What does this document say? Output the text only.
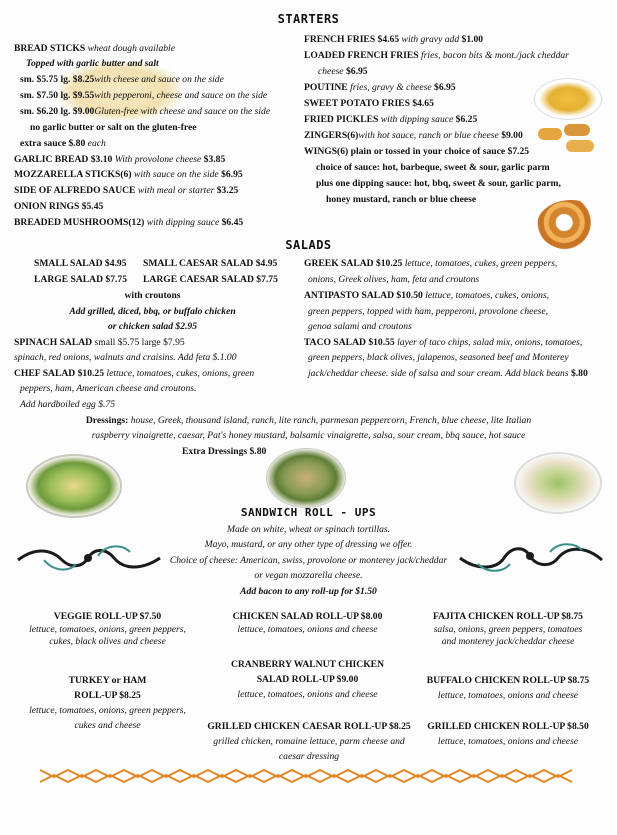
STARTERS
BREAD STICKS wheat dough available
Topped with garlic butter and salt
sm. $5.75 lg. $8.25with cheese and sauce on the side
sm. $7.50 lg. $9.55with pepperoni, cheese and sauce on the side
sm. $6.20 lg. $9.00Gluten-free with cheese and sauce on the side
no garlic butter or salt on the gluten-free
extra sauce $.80 each
GARLIC BREAD $3.10 With provolone cheese $3.85
MOZZARELLA STICKS(6) with sauce on the side $6.95
SIDE OF ALFREDO SAUCE with meal or starter $3.25
ONION RINGS $5.45
BREADED MUSHROOMS(12) with dipping sauce $6.45
FRENCH FRIES $4.65 with gravy add $1.00
LOADED FRENCH FRIES fries, bacon bits & mont./jack cheddar
cheese $6.95
POUTINE fries, gravy & cheese $6.95
SWEET POTATO FRIES $4.65
FRIED PICKLES with dipping sauce $6.25
ZINGERS(6)with hot sauce, ranch or blue cheese $9.00
WINGS(6) plain or tossed in your choice of sauce $7.25
choice of sauce: hot, barbeque, sweet & sour, garlic parm
plus one dipping sauce: hot, bbq, sweet & sour, garlic parm,
honey mustard, ranch or blue cheese
SALADS
SMALL SALAD $4.95 SMALL CAESAR SALAD $4.95
LARGE SALAD $7.75 LARGE CAESAR SALAD $7.75
with croutons
Add grilled, diced, bbq, or buffalo chicken
or chicken salad $2.95
SPINACH SALAD small $5.75 large $7.95
spinach, red onions, walnuts and craisins. Add feta $.1.00
CHEF SALAD $10.25 lettuce, tomatoes, cukes, onions, green
peppers, ham, American cheese and croutons.
Add hardboiled egg $.75
GREEK SALAD $10.25 lettuce, tomatoes, cukes, green peppers,
onions, Greek olives, ham, feta and croutons
ANTIPASTO SALAD $10.50 lettuce, tomatoes, cukes, onions,
green peppers, topped with ham, pepperoni, provolone cheese,
genoa salami and croutons
TACO SALAD $10.55 layer of taco chips, salad mix, onions, tomatoes,
green peppers, black olives, jalapenos, seasoned beef and Monterey
jack/cheddar cheese. side of salsa and sour cream. Add black beans $.80
Dressings: house, Greek, thousand island, ranch, lite ranch, parmesan peppercorn, French, blue cheese, lite Italian
raspberry vinaigrette, caesar, Pat's honey mustard, balsamic vinaigrette, salsa, sour cream, bbq sauce, hot sauce
Extra Dressings $.80
SANDWICH ROLL - UPS
Made on white, wheat or spinach tortillas.
Mayo, mustard, or any other type of dressing we offer.
Choice of cheese: American, swiss, provolone or monterey jack/cheddar
or vegan mozzarella cheese.
Add bacon to any roll-up for $1.50
VEGGIE ROLL-UP $7.50
lettuce, tomatoes, onions, green peppers,
cukes, black olives and cheese
CHICKEN SALAD ROLL-UP $8.00
lettuce, tomatoes, onions and cheese
FAJITA CHICKEN ROLL-UP $8.75
salsa, onions, green peppers, tomatoes
and monterey jack/cheddar cheese
TURKEY or HAM
ROLL-UP $8.25
lettuce, tomatoes, onions, green peppers,
cukes and cheese
CRANBERRY WALNUT CHICKEN
SALAD ROLL-UP $9.00
lettuce, tomatoes, onions and cheese
BUFFALO CHICKEN ROLL-UP $8.75
lettuce, tomatoes, onions and cheese
GRILLED CHICKEN CAESAR ROLL-UP $8.25
grilled chicken, romaine lettuce, parm cheese and
caesar dressing
GRILLED CHICKEN ROLL-UP $8.50
lettuce, tomatoes, onions and cheese
